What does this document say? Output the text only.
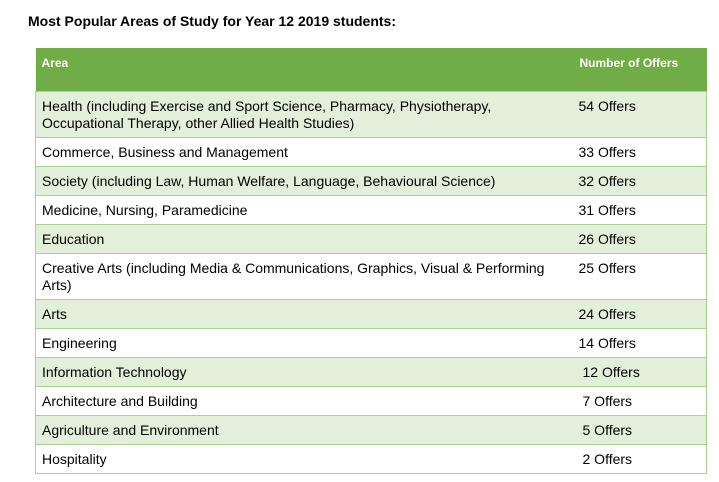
Most Popular Areas of Study for Year 12 2019 students:
Area	Number of Offers
Health (including Exercise and Sport Science, Pharmacy, Physiotherapy, Occupational Therapy, other Allied Health Studies)	54 Offers
Commerce, Business and Management	33 Offers
Society (including Law, Human Welfare, Language, Behavioural Science)	32 Offers
Medicine, Nursing, Paramedicine	31 Offers
Education	26 Offers
Creative Arts (including Media & Communications, Graphics, Visual & Performing Arts)	25 Offers
Arts	24 Offers
Engineering	14 Offers
Information Technology	12 Offers
Architecture and Building	7 Offers
Agriculture and Environment	5 Offers
Hospitality	2 Offers
